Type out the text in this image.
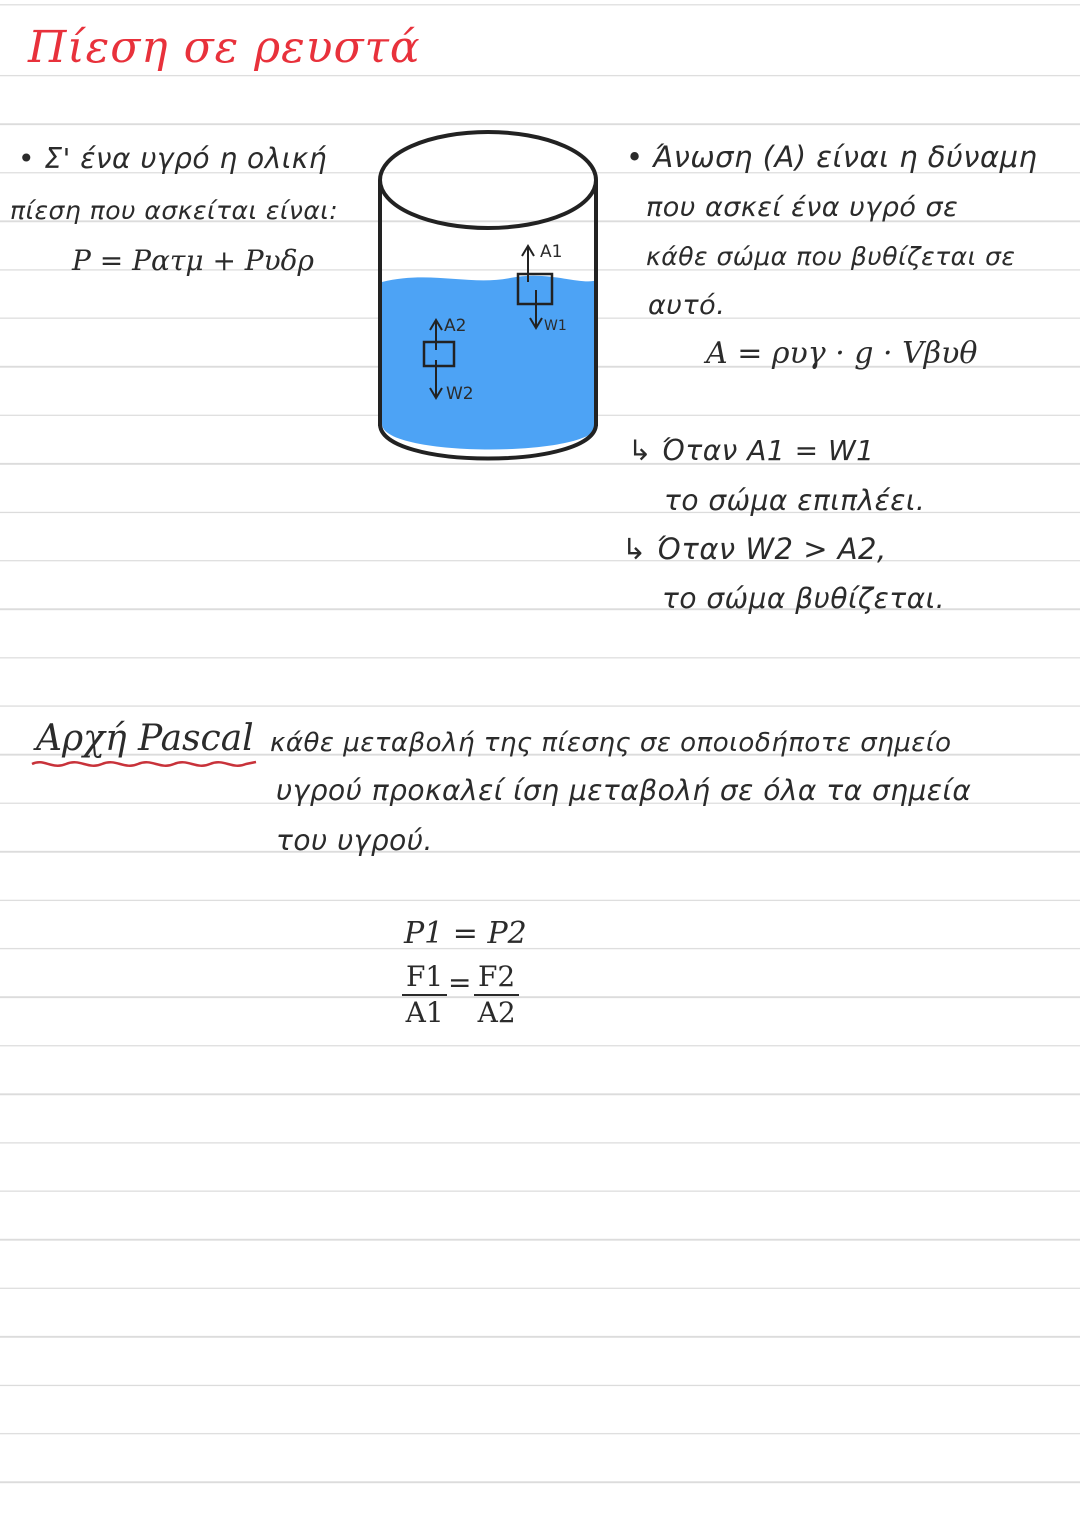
Πίεση σε ρευστά
• Σ' ένα υγρό η ολική
πίεση που ασκείται είναι:
P = Pατμ + Pυδρ	A1
W1
A2
W2
• Άνωση (A) είναι η δύναμη
που ασκεί ένα υγρό σε
κάθε σώμα που βυθίζεται σε
αυτό.
A = ρυγ · g · Vβυθ
↳ Όταν A1 = W1
το σώμα επιπλέει.
↳ Όταν W2 > A2,
το σώμα βυθίζεται.
Αρχή Pascal κάθε μεταβολή της πίεσης σε οποιοδήποτε σημείο
υγρού προκαλεί ίση μεταβολή σε όλα τα σημεία
του υγρού.
P1 = P2
$\frac{F1}{A1} = \frac{F2}{A2}$
